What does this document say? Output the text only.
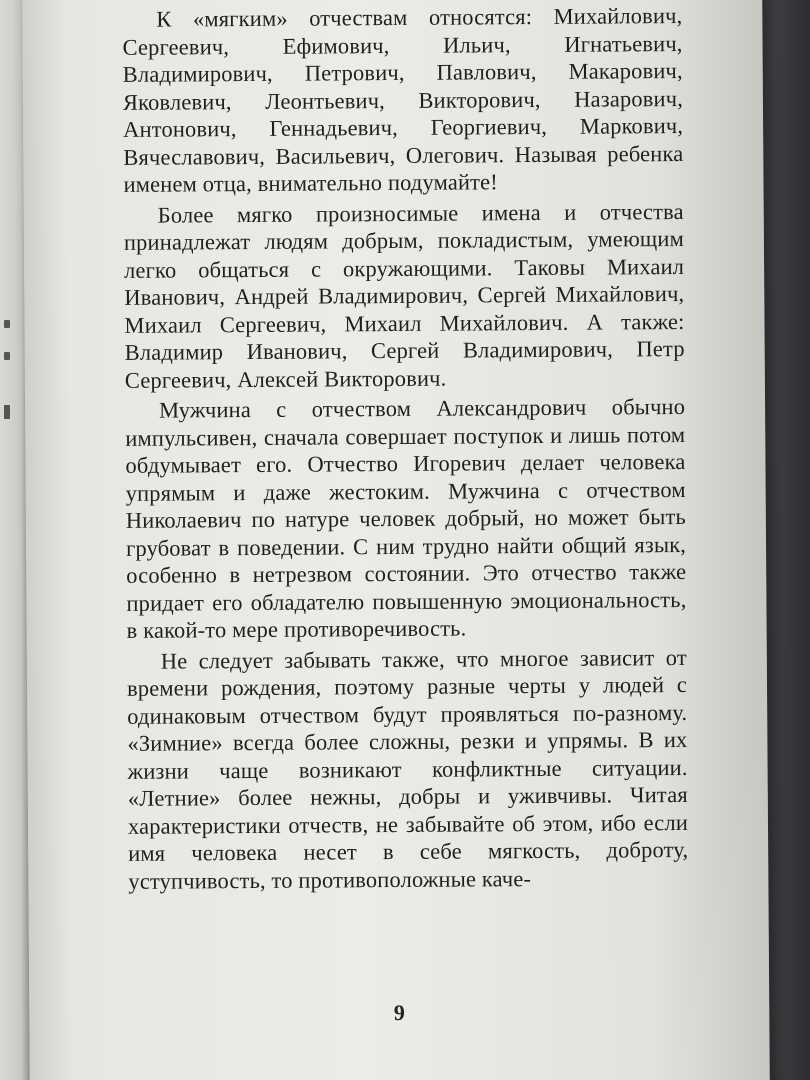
К «мягким» отчествам относятся: Михайлович, Сергеевич, Ефимович, Ильич, Игнатьевич, Владимирович, Петрович, Павлович, Макарович, Яковлевич, Леонтьевич, Викторович, Назарович, Антонович, Геннадьевич, Георгиевич, Маркович, Вячеславович, Васильевич, Олегович. Называя ребенка именем отца, внимательно подумайте!

Более мягко произносимые имена и отчества принадлежат людям добрым, покладистым, умеющим легко общаться с окружающими. Таковы Михаил Иванович, Андрей Владимирович, Сергей Михайлович, Михаил Сергеевич, Михаил Михайлович. А также: Владимир Иванович, Сергей Владимирович, Петр Сергеевич, Алексей Викторович.

Мужчина с отчеством Александрович обычно импульсивен, сначала совершает поступок и лишь потом обдумывает его. Отчество Игоревич делает человека упрямым и даже жестоким. Мужчина с отчеством Николаевич по натуре человек добрый, но может быть грубоват в поведении. С ним трудно найти общий язык, особенно в нетрезвом состоянии. Это отчество также придает его обладателю повышенную эмоциональность, в какой-то мере противоречивость.

Не следует забывать также, что многое зависит от времени рождения, поэтому разные черты у людей с одинаковым отчеством будут проявляться по-разному. «Зимние» всегда более сложны, резки и упрямы. В их жизни чаще возникают конфликтные ситуации. «Летние» более нежны, добры и уживчивы. Читая характеристики отчеств, не забывайте об этом, ибо если имя человека несет в себе мягкость, доброту, уступчивость, то противоположные каче-

9
